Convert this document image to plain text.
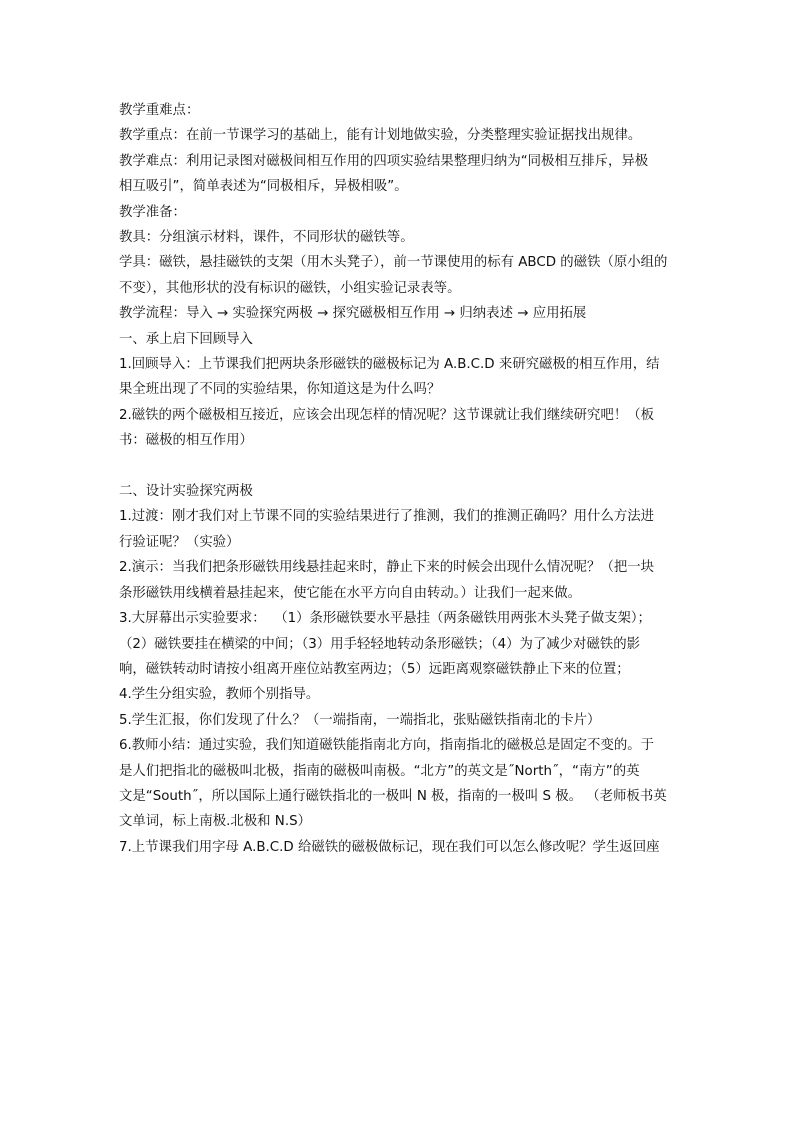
教学重难点：

教学重点：在前一节课学习的基础上，能有计划地做实验，分类整理实验证据找出规律。

教学难点：利用记录图对磁极间相互作用的四项实验结果整理归纳为“同极相互排斥，异极

相互吸引”，简单表述为“同极相斥，异极相吸”。

教学准备：

教具：分组演示材料，课件，不同形状的磁铁等。

学具：磁铁，悬挂磁铁的支架（用木头凳子），前一节课使用的标有 ABCD 的磁铁（原小组的

不变），其他形状的没有标识的磁铁，小组实验记录表等。

教学流程：导入 → 实验探究两极 → 探究磁极相互作用 → 归纳表述 → 应用拓展

一、承上启下回顾导入

1.回顾导入：上节课我们把两块条形磁铁的磁极标记为 A.B.C.D 来研究磁极的相互作用，结

果全班出现了不同的实验结果，你知道这是为什么吗？

2.磁铁的两个磁极相互接近，应该会出现怎样的情况呢？这节课就让我们继续研究吧！（板

书：磁极的相互作用）

二、设计实验探究两极

1.过渡：刚才我们对上节课不同的实验结果进行了推测，我们的推测正确吗？用什么方法进

行验证呢？（实验）

2.演示：当我们把条形磁铁用线悬挂起来时，静止下来的时候会出现什么情况呢？（把一块

条形磁铁用线横着悬挂起来，使它能在水平方向自由转动。）让我们一起来做。

3.大屏幕出示实验要求：  （1）条形磁铁要水平悬挂（两条磁铁用两张木头凳子做支架）；

（2）磁铁要挂在横梁的中间；（3）用手轻轻地转动条形磁铁；（4）为了减少对磁铁的影

响，磁铁转动时请按小组离开座位站教室两边；（5）远距离观察磁铁静止下来的位置；

4.学生分组实验，教师个别指导。

5.学生汇报，你们发现了什么？（一端指南，一端指北，张贴磁铁指南北的卡片）

6.教师小结：通过实验，我们知道磁铁能指南北方向，指南指北的磁极总是固定不变的。于

是人们把指北的磁极叫北极，指南的磁极叫南极。“北方”的英文是˝North˝，“南方”的英

文是“South˝，所以国际上通行磁铁指北的一极叫 N 极，指南的一极叫 S 极。 （老师板书英

文单词，标上南极.北极和 N.S）

7.上节课我们用字母 A.B.C.D 给磁铁的磁极做标记，现在我们可以怎么修改呢？学生返回座
